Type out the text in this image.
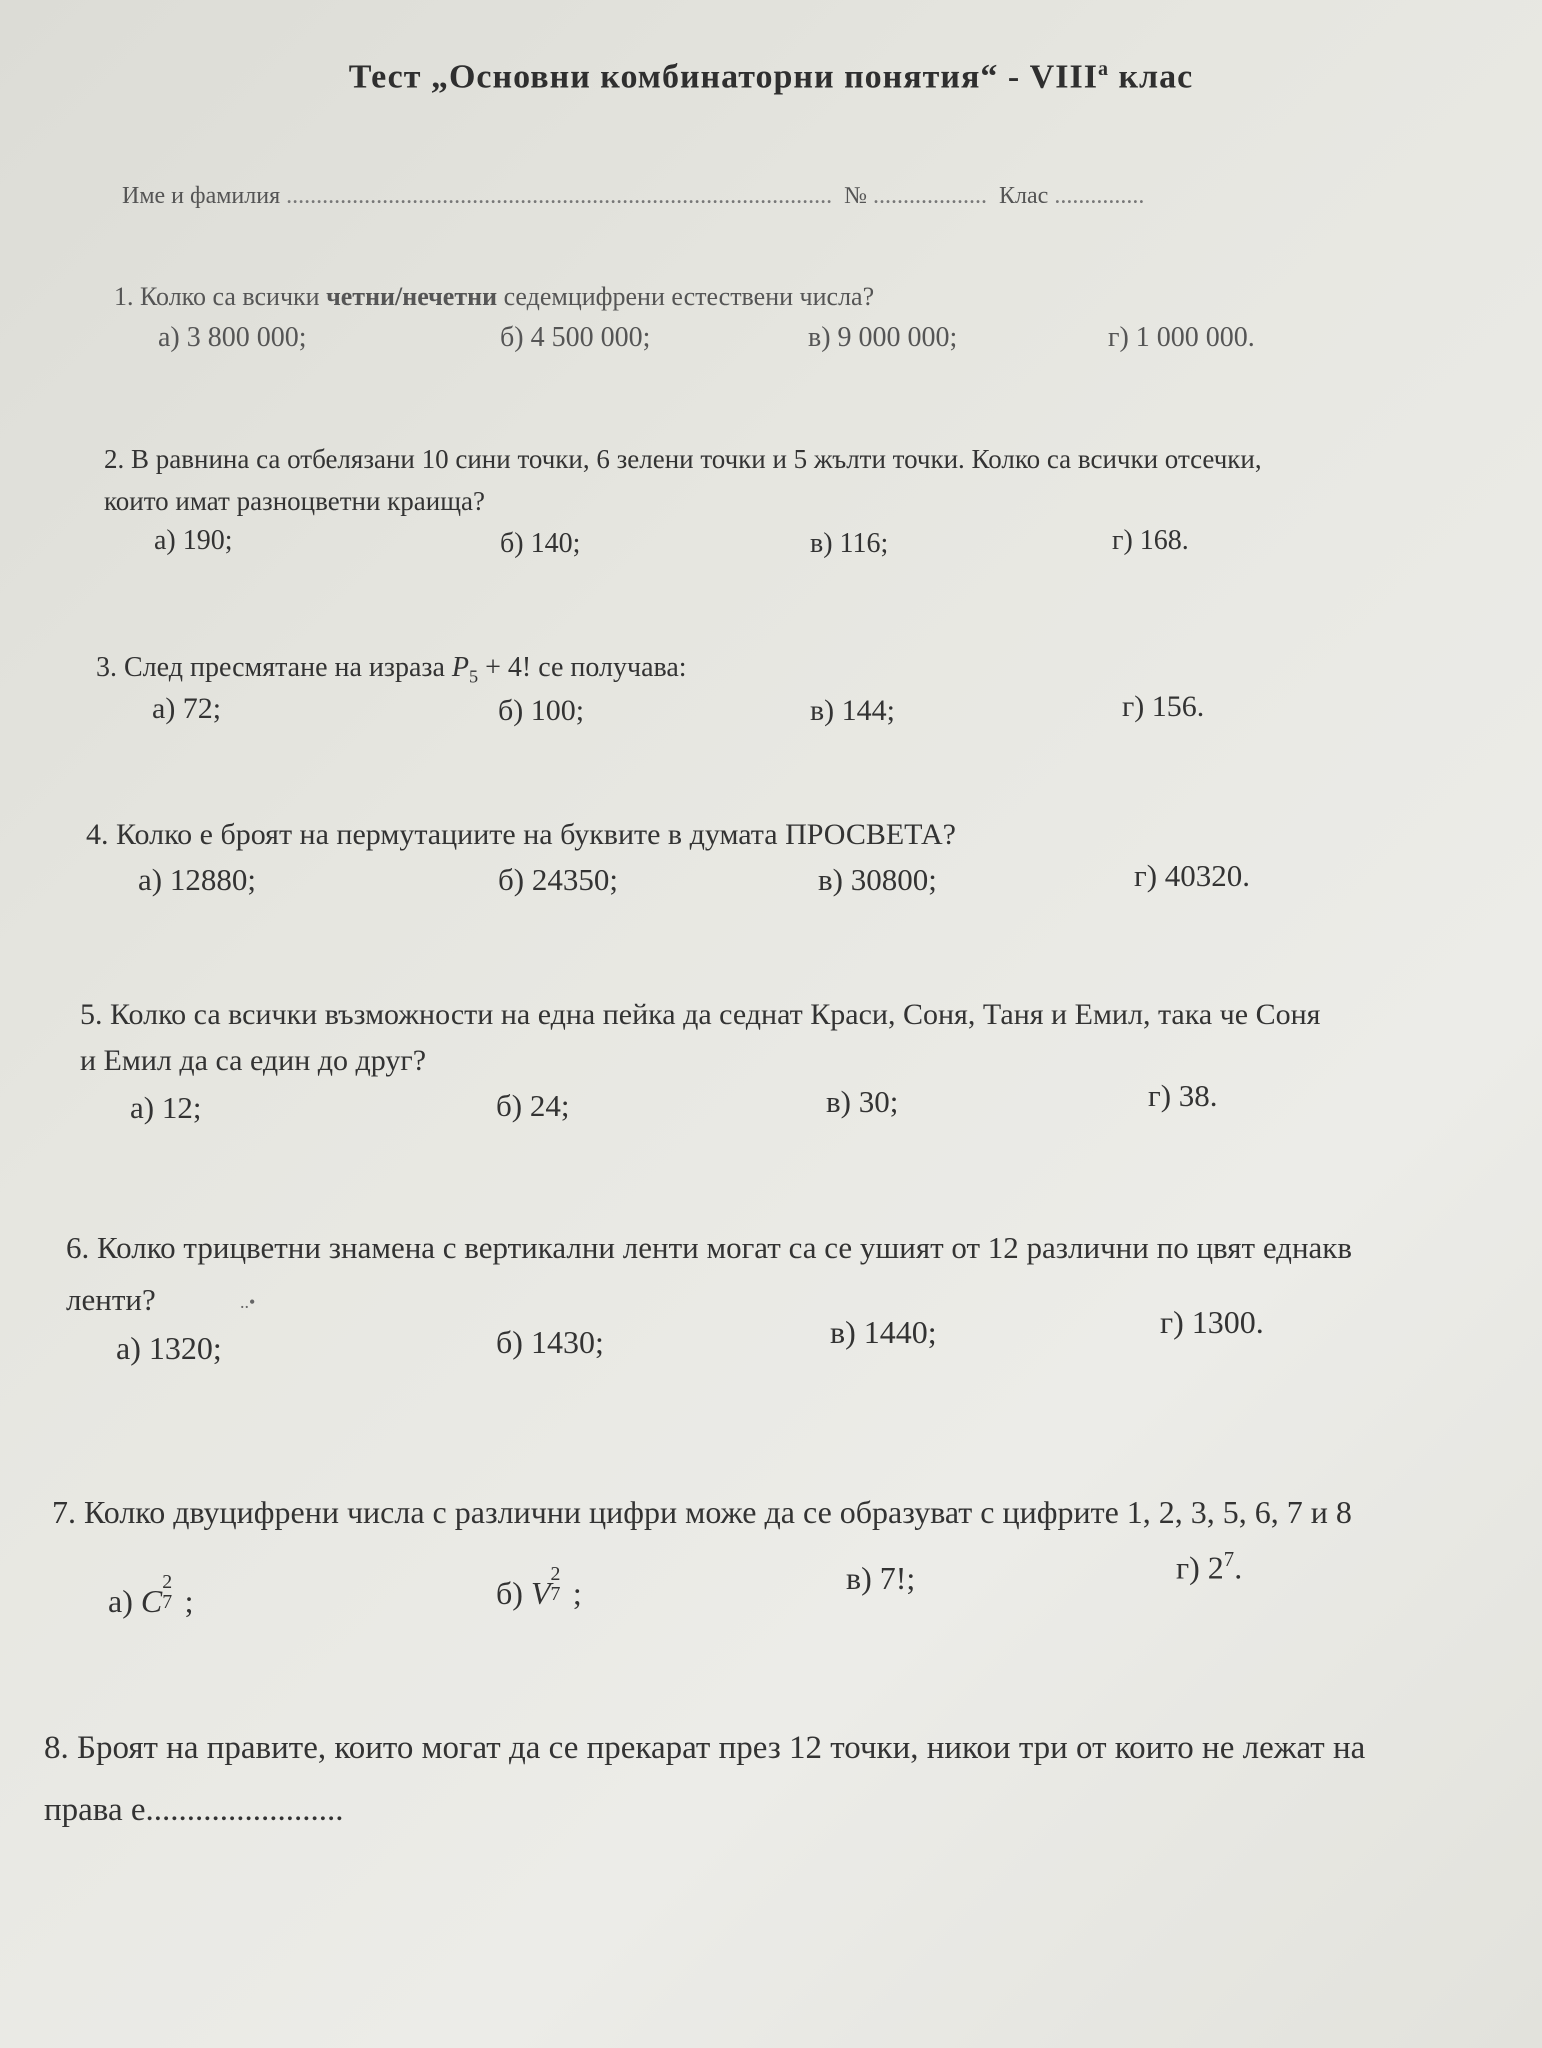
Тест „Основни комбинаторни понятия“ - $VIII^а$ клас
Име и фамилия ........................................................................................... № ................... Клас ...............
1. Колко са всички четни/нечетни седемцифрени естествени числа?
а) 3 800 000;	б) 4 500 000;	в) 9 000 000;	г) 1 000 000.
2. В равнина са отбелязани 10 сини точки, 6 зелени точки и 5 жълти точки. Колко са всички отсечки,
които имат разноцветни краища?
а) 190;	б) 140;	в) 116;	г) 168.
3. След пресмятане на израза $P_5 + 4$! се получава:
а) 72;	б) 100;	в) 144;	г) 156.
4. Колко е броят на пермутациите на буквите в думата ПРОСВЕТА?
а) 12880;	б) 24350;	в) 30800;	г) 40320.
5. Колко са всички възможности на една пейка да седнат Краси, Соня, Таня и Емил, така че Соня
и Емил да са един до друг?
а) 12;	б) 24;	в) 30;	г) 38.
6. Колко трицветни знамена с вертикални ленти могат са се ушият от 12 различни по цвят еднакв
ленти?	..•
а) 1320;	б) 1430;	в) 1440;	г) 1300.
7. Колко двуцифрени числа с различни цифри може да се образуват с цифрите 1, 2, 3, 5, 6, 7 и 8
а) C
2
7 ;	б) V
2
7 ;	в) 7!;	г) $2^7$.
8. Броят на правите, които могат да се прекарат през 12 точки, никои три от които не лежат на
права е........................
